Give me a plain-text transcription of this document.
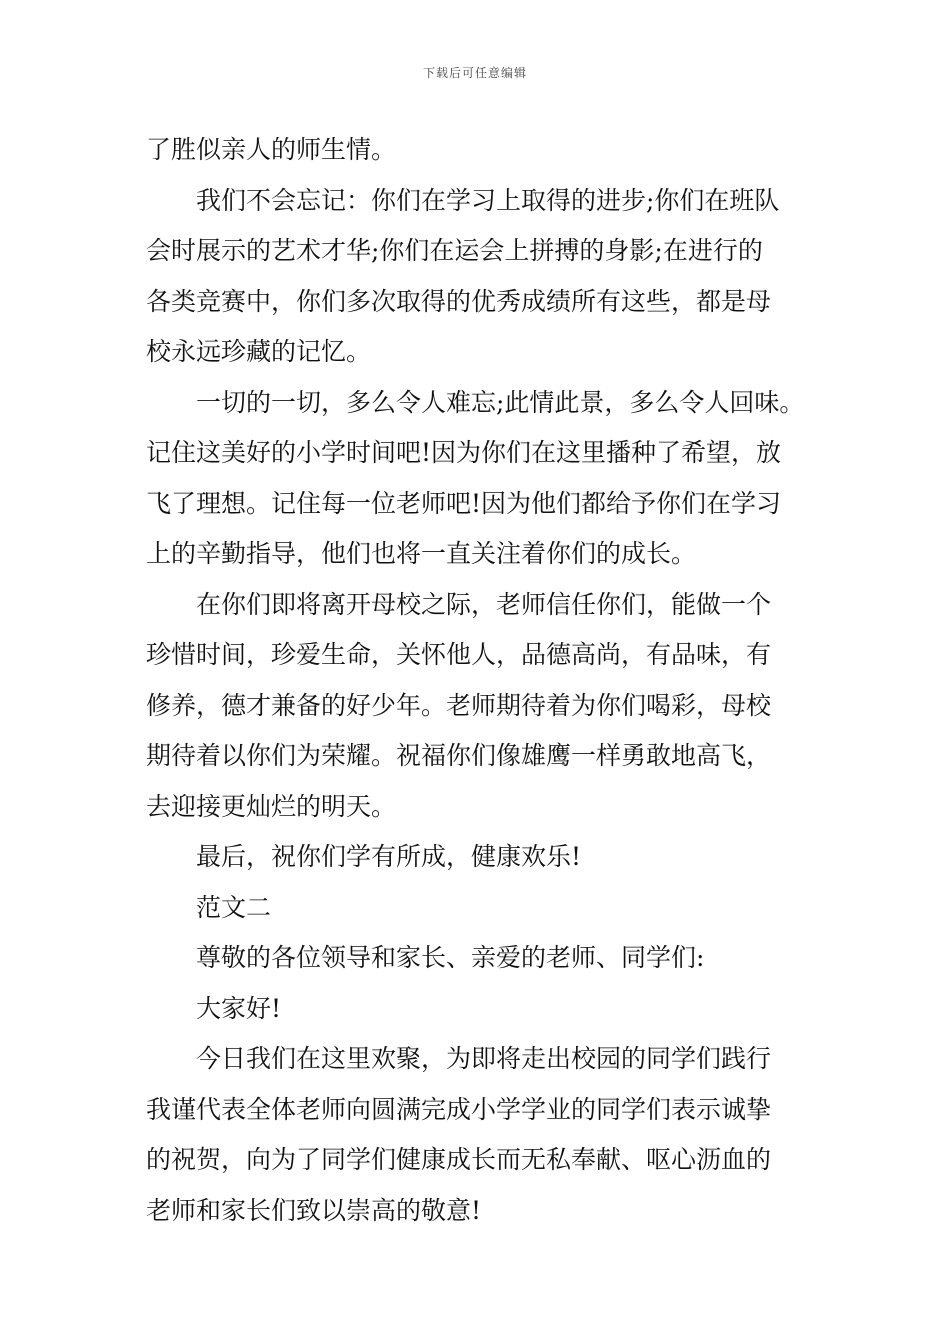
下载后可任意编辑
了胜似亲人的师生情。
我们不会忘记：你们在学习上取得的进步;你们在班队
会时展示的艺术才华;你们在运会上拼搏的身影;在进行的
各类竞赛中，你们多次取得的优秀成绩所有这些，都是母
校永远珍藏的记忆。
一切的一切，多么令人难忘;此情此景，多么令人回味。
记住这美好的小学时间吧!因为你们在这里播种了希望，放
飞了理想。记住每一位老师吧!因为他们都给予你们在学习
上的辛勤指导，他们也将一直关注着你们的成长。
在你们即将离开母校之际，老师信任你们，能做一个
珍惜时间，珍爱生命，关怀他人，品德高尚，有品味，有
修养，德才兼备的好少年。老师期待着为你们喝彩，母校
期待着以你们为荣耀。祝福你们像雄鹰一样勇敢地高飞，
去迎接更灿烂的明天。
最后，祝你们学有所成，健康欢乐!
范文二
尊敬的各位领导和家长、亲爱的老师、同学们:
大家好!
今日我们在这里欢聚，为即将走出校园的同学们践行
我谨代表全体老师向圆满完成小学学业的同学们表示诚挚
的祝贺，向为了同学们健康成长而无私奉献、呕心沥血的
老师和家长们致以崇高的敬意!
